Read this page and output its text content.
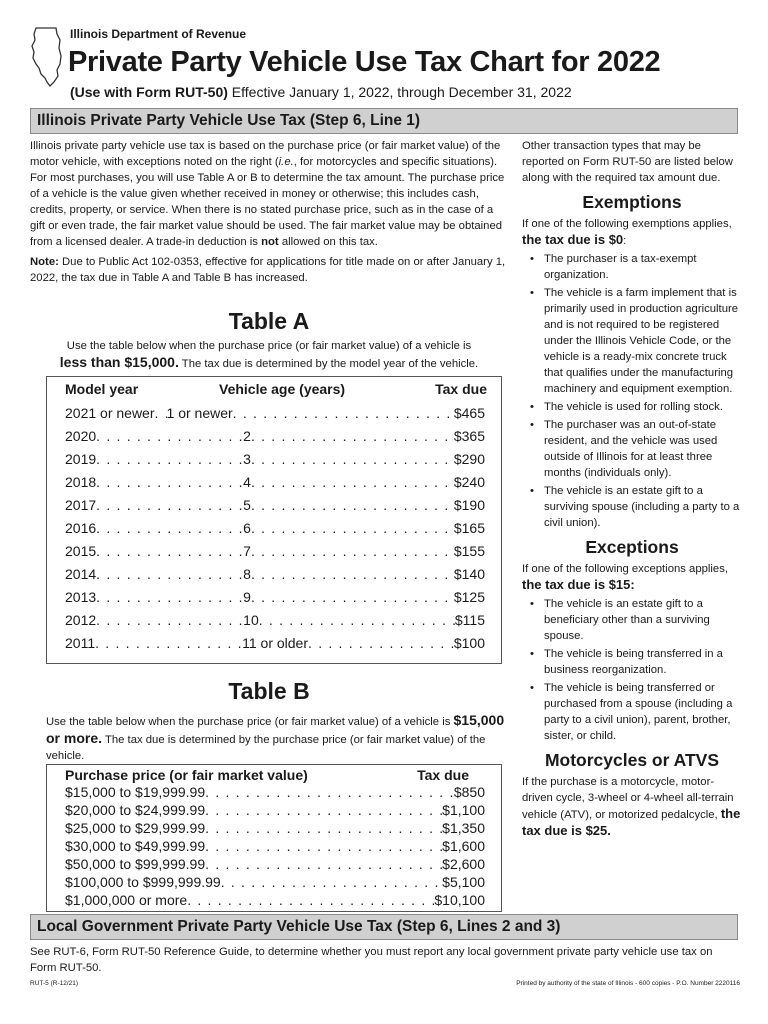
Illinois Department of Revenue
Private Party Vehicle Use Tax Chart for 2022
(Use with Form RUT-50) Effective January 1, 2022, through December 31, 2022
Illinois Private Party Vehicle Use Tax (Step 6, Line 1)

Illinois private party vehicle use tax is based on the purchase price (or fair market value) of the motor vehicle, with exceptions noted on the right (i.e., for motorcycles and specific situations). For most purchases, you will use Table A or B to determine the tax amount. The purchase price of a vehicle is the value given whether received in money or otherwise; this includes cash, credits, property, or service. When there is no stated purchase price, such as in the case of a gift or even trade, the fair market value should be used. The fair market value may be obtained from a licensed dealer. A trade-in deduction is not allowed on this tax.

Note: Due to Public Act 102-0353, effective for applications for title made on or after January 1, 2022, the tax due in Table A and Table B has increased.

Table A
Use the table below when the purchase price (or fair market value) of a vehicle is
less than $15,000. The tax due is determined by the model year of the vehicle.
Model year	Vehicle age (years)	Tax due
2021 or newer . . . 1 or newer . . .	$465
2020 . . .	2 . . .	$365
2019 . . .	3 . . .	$290
2018 . . .	4 . . .	$240
2017 . . .	5 . . .	$190
2016 . . .	6 . . .	$165
2015 . . .	7 . . .	$155
2014 . . .	8 . . .	$140
2013 . . .	9 . . .	$125
2012 . . .	10 . . .	$115
2011 . . .	11 or older . . .	$100
Table B
Use the table below when the purchase price (or fair market value) of a vehicle is $15,000 or more. The tax due is determined by the purchase price (or fair market value) of the vehicle.
Purchase price (or fair market value)	Tax due
$15,000 to $19,999.99 . . .	$850
$20,000 to $24,999.99 . . .	$1,100
$25,000 to $29,999.99 . . .	$1,350
$30,000 to $49,999.99 . . .	$1,600
$50,000 to $99,999.99 . . .	$2,600
$100,000 to $999,999.99 . . .	$5,100
$1,000,000 or more . . .	$10,100

Other transaction types that may be reported on Form RUT-50 are listed below along with the required tax amount due.

Exemptions

If one of the following exemptions applies, the tax due is $0:

• The purchaser is a tax-exempt organization.
• The vehicle is a farm implement that is primarily used in production agriculture and is not required to be registered under the Illinois Vehicle Code, or the vehicle is a ready-mix concrete truck that qualifies under the manufacturing machinery and equipment exemption.
• The vehicle is used for rolling stock.
• The purchaser was an out-of-state resident, and the vehicle was used outside of Illinois for at least three months (individuals only).
• The vehicle is an estate gift to a surviving spouse (including a party to a civil union).
Exceptions

If one of the following exceptions applies, the tax due is $15:

• The vehicle is an estate gift to a beneficiary other than a surviving spouse.
• The vehicle is being transferred in a business reorganization.
• The vehicle is being transferred or purchased from a spouse (including a party to a civil union), parent, brother, sister, or child.
Motorcycles or ATVS

If the purchase is a motorcycle, motor-driven cycle, 3-wheel or 4-wheel all-terrain vehicle (ATV), or motorized pedalcycle, the tax due is $25.

Local Government Private Party Vehicle Use Tax (Step 6, Lines 2 and 3)

See RUT-6, Form RUT-50 Reference Guide, to determine whether you must report any local government private party vehicle use tax on Form RUT-50.

RUT-5 (R-12/21)	Printed by authority of the state of Illinois - 600 copies - P.O. Number 2220116
